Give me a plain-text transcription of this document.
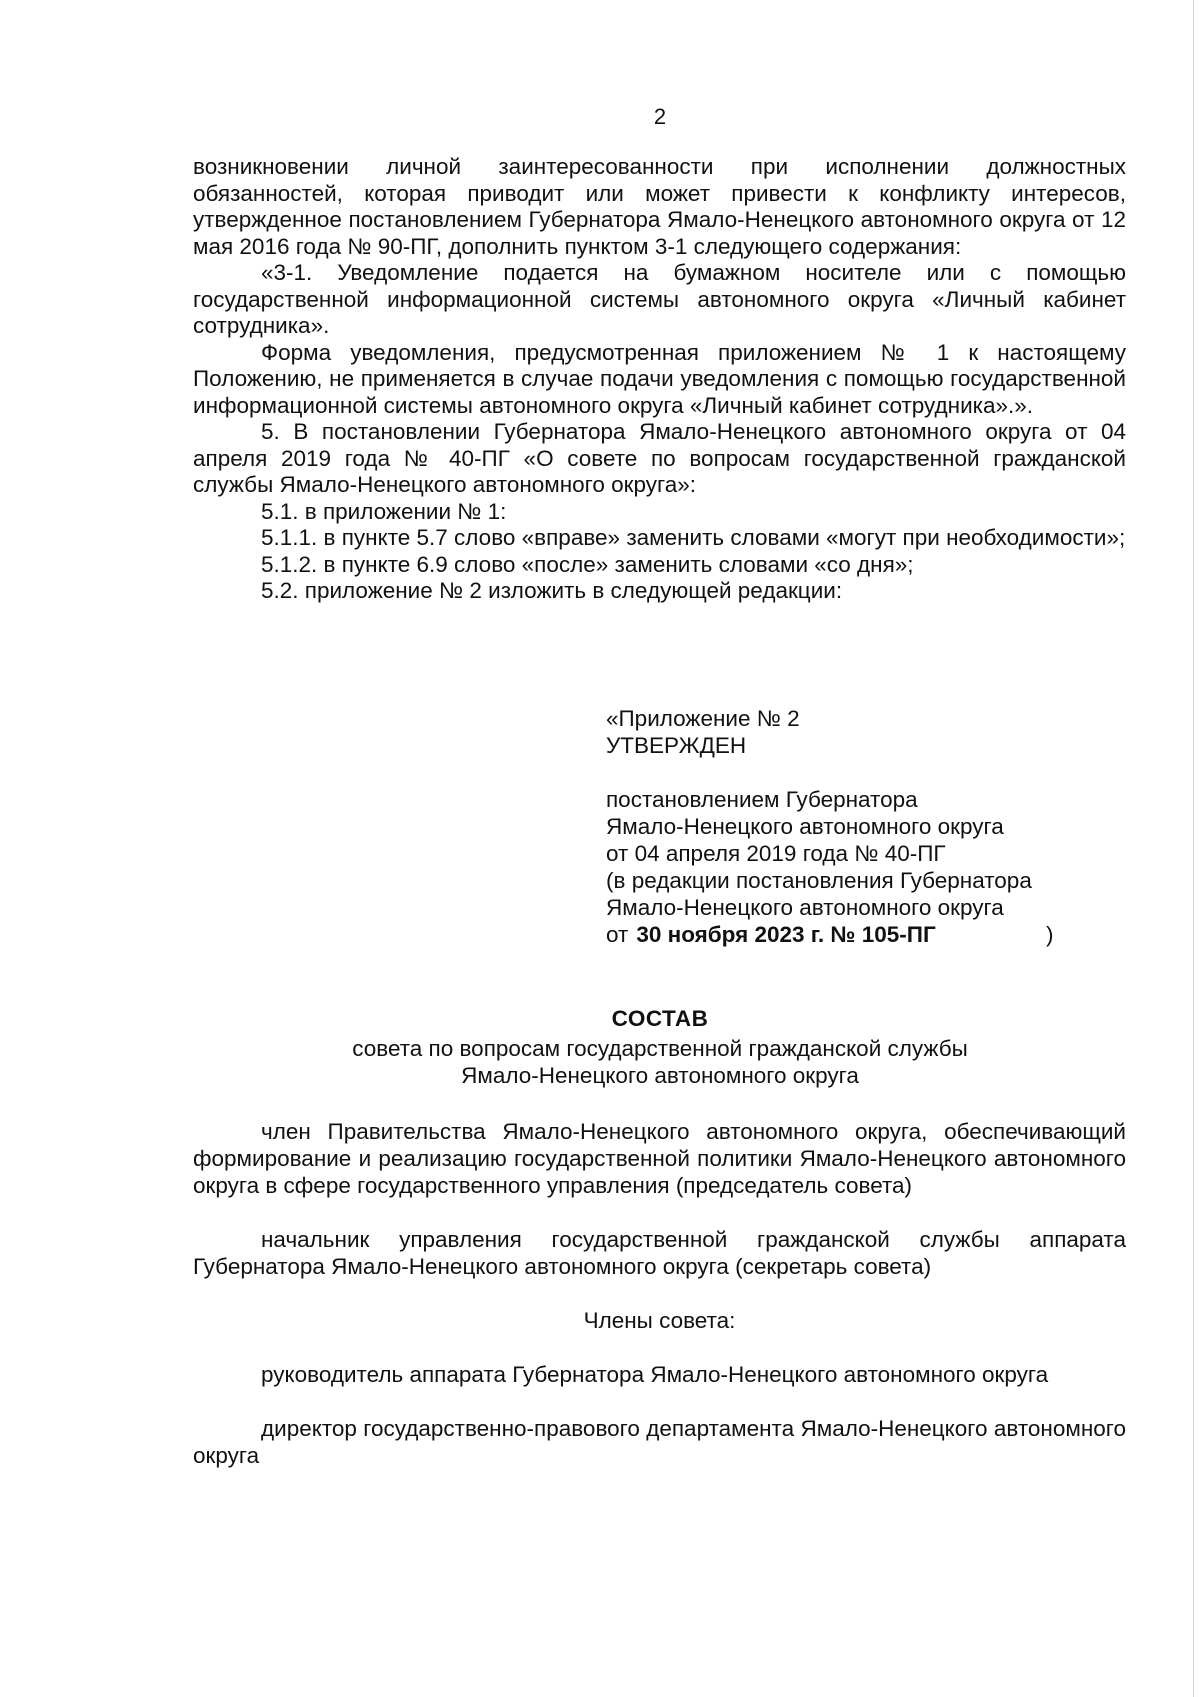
2

возникновении личной заинтересованности при исполнении должностных обязанностей, которая приводит или может привести к конфликту интересов, утвержденное постановлением Губернатора Ямало-Ненецкого автономного округа от 12 мая 2016 года № 90-ПГ, дополнить пунктом 3-1 следующего содержания:

«3-1. Уведомление подается на бумажном носителе или с помощью государственной информационной системы автономного округа «Личный кабинет сотрудника».

Форма уведомления, предусмотренная приложением № 1 к настоящему Положению, не применяется в случае подачи уведомления с помощью государственной информационной системы автономного округа «Личный кабинет сотрудника».».

5. В постановлении Губернатора Ямало-Ненецкого автономного округа от 04 апреля 2019 года № 40-ПГ «О совете по вопросам государственной гражданской службы Ямало-Ненецкого автономного округа»:

5.1. в приложении № 1:

5.1.1. в пункте 5.7 слово «вправе» заменить словами «могут при необходимости»;

5.1.2. в пункте 6.9 слово «после» заменить словами «со дня»;

5.2. приложение № 2 изложить в следующей редакции:

«Приложение № 2
УТВЕРЖДЕН
постановлением Губернатора
Ямало-Ненецкого автономного округа
от 04 апреля 2019 года № 40-ПГ
(в редакции постановления Губернатора
Ямало-Ненецкого автономного округа
от 30 ноября 2023 г. № 105-ПГ	)
СОСТАВ
совета по вопросам государственной гражданской службы
Ямало-Ненецкого автономного округа

член Правительства Ямало-Ненецкого автономного округа, обеспечивающий формирование и реализацию государственной политики Ямало-Ненецкого автономного округа в сфере государственного управления (председатель совета)

начальник управления государственной гражданской службы аппарата Губернатора Ямало-Ненецкого автономного округа (секретарь совета)

Члены совета:

руководитель аппарата Губернатора Ямало-Ненецкого автономного округа

директор государственно-правового департамента Ямало-Ненецкого автономного округа
